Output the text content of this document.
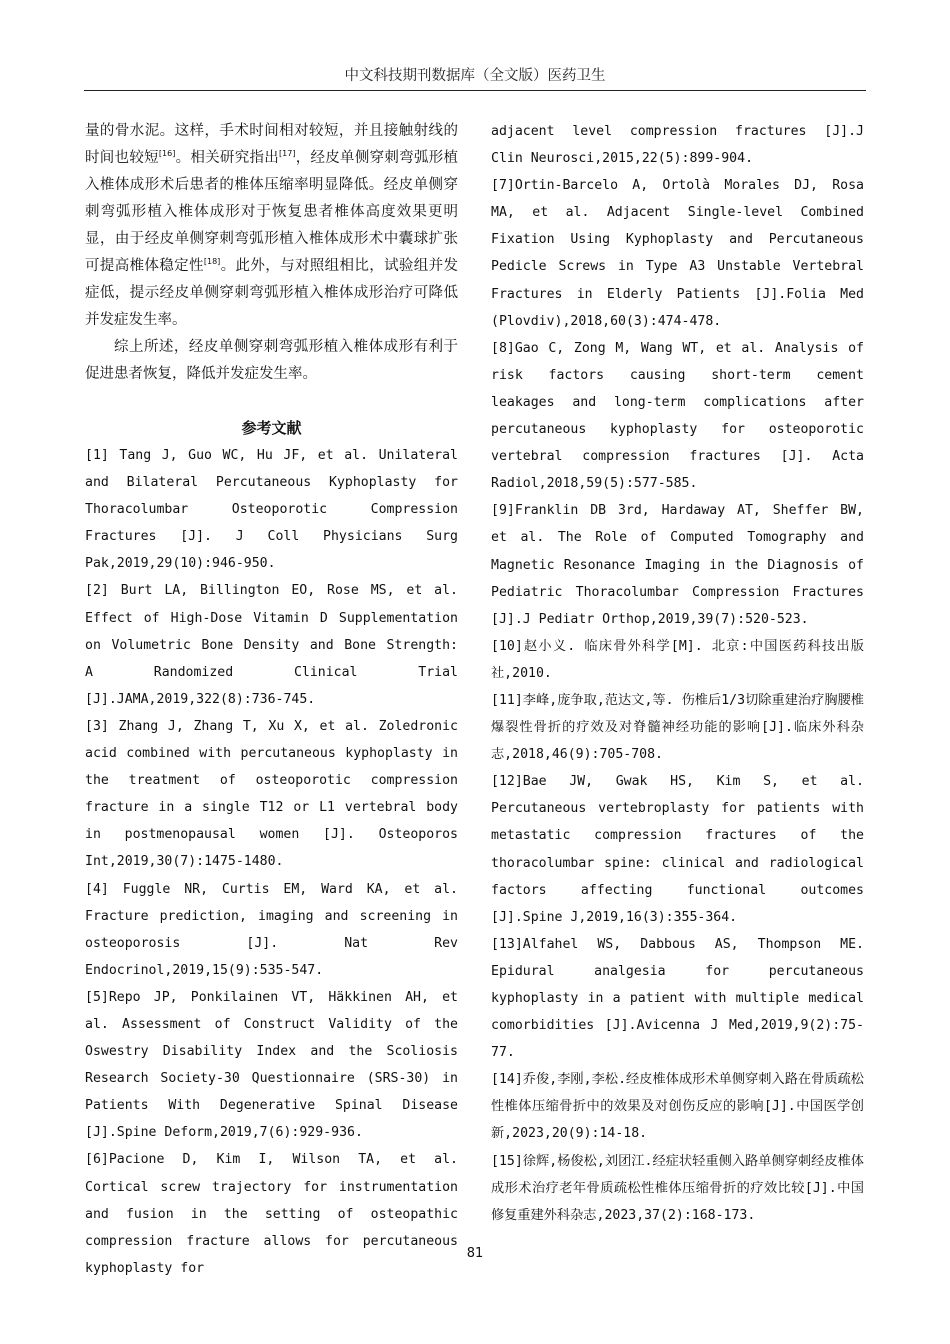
中文科技期刊数据库（全文版）医药卫生

量的骨水泥。这样，手术时间相对较短，并且接触射线的时间也较短[16]。相关研究指出[17]，经皮单侧穿刺弯弧形植入椎体成形术后患者的椎体压缩率明显降低。经皮单侧穿刺弯弧形植入椎体成形对于恢复患者椎体高度效果更明显，由于经皮单侧穿刺弯弧形植入椎体成形术中囊球扩张可提高椎体稳定性[18]。此外，与对照组相比，试验组并发症低，提示经皮单侧穿刺弯弧形植入椎体成形治疗可降低并发症发生率。

综上所述，经皮单侧穿刺弯弧形植入椎体成形有利于促进患者恢复，降低并发症发生率。

参考文献

[1] Tang J, Guo WC, Hu JF, et al. Unilateral and Bilateral Percutaneous Kyphoplasty for Thoracolumbar Osteoporotic Compression Fractures [J]. J Coll Physicians Surg Pak,2019,29(10):946-950.

[2] Burt LA, Billington EO, Rose MS, et al. Effect of High-Dose Vitamin D Supplementation on Volumetric Bone Density and Bone Strength: A Randomized Clinical Trial [J].JAMA,2019,322(8):736-745.

[3] Zhang J, Zhang T, Xu X, et al. Zoledronic acid combined with percutaneous kyphoplasty in the treatment of osteoporotic compression fracture in a single T12 or L1 vertebral body in postmenopausal women [J]. Osteoporos Int,2019,30(7):1475-1480.

[4] Fuggle NR, Curtis EM, Ward KA, et al. Fracture prediction, imaging and screening in osteoporosis [J]. Nat Rev Endocrinol,2019,15(9):535-547.

[5]Repo JP, Ponkilainen VT, Häkkinen AH, et al. Assessment of Construct Validity of the Oswestry Disability Index and the Scoliosis Research Society-30 Questionnaire (SRS-30) in Patients With Degenerative Spinal Disease [J].Spine Deform,2019,7(6):929-936.

[6]Pacione D, Kim I, Wilson TA, et al. Cortical screw trajectory for instrumentation and fusion in the setting of osteopathic compression fracture allows for percutaneous kyphoplasty for

adjacent level compression fractures [J].J Clin Neurosci,2015,22(5):899-904.

[7]Ortin-Barcelo A, Ortolà Morales DJ, Rosa MA, et al. Adjacent Single-level Combined Fixation Using Kyphoplasty and Percutaneous Pedicle Screws in Type A3 Unstable Vertebral Fractures in Elderly Patients [J].Folia Med (Plovdiv),2018,60(3):474-478.

[8]Gao C, Zong M, Wang WT, et al. Analysis of risk factors causing short-term cement leakages and long-term complications after percutaneous kyphoplasty for osteoporotic vertebral compression fractures [J]. Acta Radiol,2018,59(5):577-585.

[9]Franklin DB 3rd, Hardaway AT, Sheffer BW, et al. The Role of Computed Tomography and Magnetic Resonance Imaging in the Diagnosis of Pediatric Thoracolumbar Compression Fractures [J].J Pediatr Orthop,2019,39(7):520-523.

[10]赵小义. 临床骨外科学[M]. 北京:中国医药科技出版社,2010.

[11]李峰,庞争取,范达文,等. 伤椎后1/3切除重建治疗胸腰椎爆裂性骨折的疗效及对脊髓神经功能的影响[J].临床外科杂志,2018,46(9):705-708.

[12]Bae JW, Gwak HS, Kim S, et al. Percutaneous vertebroplasty for patients with metastatic compression fractures of the thoracolumbar spine: clinical and radiological factors affecting functional outcomes [J].Spine J,2019,16(3):355-364.

[13]Alfahel WS, Dabbous AS, Thompson ME. Epidural analgesia for percutaneous kyphoplasty in a patient with multiple medical comorbidities [J].Avicenna J Med,2019,9(2):75-77.

[14]乔俊,李刚,李松.经皮椎体成形术单侧穿刺入路在骨质疏松性椎体压缩骨折中的效果及对创伤反应的影响[J].中国医学创新,2023,20(9):14-18.

[15]徐辉,杨俊松,刘团江.经症状轻重侧入路单侧穿刺经皮椎体成形术治疗老年骨质疏松性椎体压缩骨折的疗效比较[J].中国修复重建外科杂志,2023,37(2):168-173.

81
